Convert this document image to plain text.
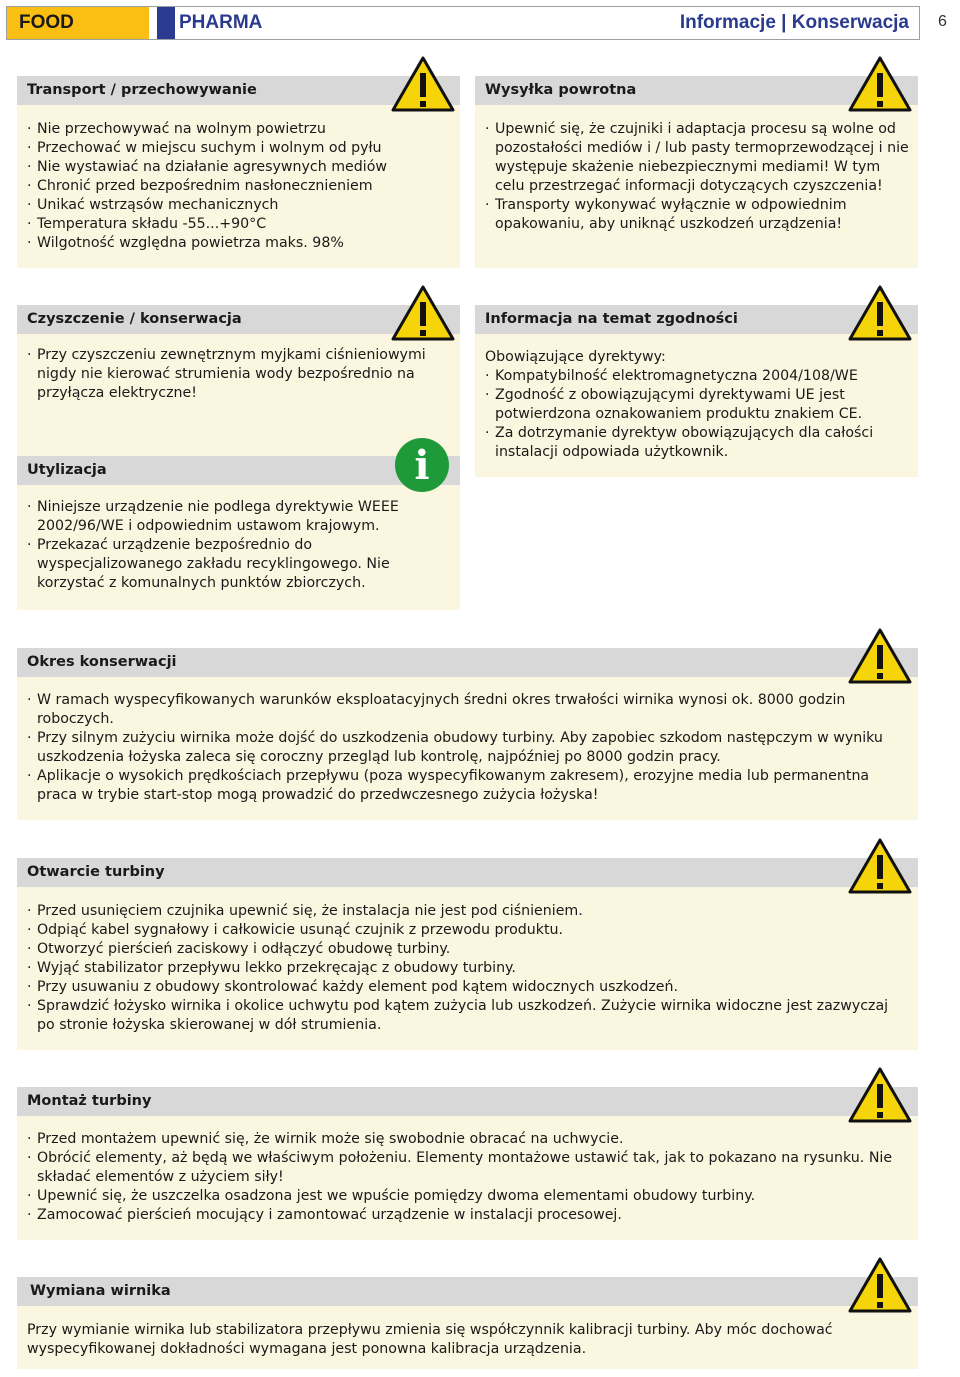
FOOD	PHARMA	Informacje | Konserwacja 6
Transport / przechowywanie
· Nie przechowywać na wolnym powietrzu
· Przechować w miejscu suchym i wolnym od pyłu
· Nie wystawiać na działanie agresywnych mediów
· Chronić przed bezpośrednim nasłonecznieniem
· Unikać wstrząsów mechanicznych
· Temperatura składu -55...+90°C
· Wilgotność względna powietrza maks. 98%
Wysyłka powrotna
· Upewnić się, że czujniki i adaptacja procesu są wolne od pozostałości mediów i / lub pasty termoprzewodzącej i nie występuje skażenie niebezpiecznymi mediami! W tym celu przestrzegać informacji dotyczących czyszczenia!
· Transporty wykonywać wyłącznie w odpowiednim opakowaniu, aby uniknąć uszkodzeń urządzenia!
Czyszczenie / konserwacja
· Przy czyszczeniu zewnętrznym myjkami ciśnieniowymi nigdy nie kierować strumienia wody bezpośrednio na przyłącza elektryczne!
Utylizacja
· Niniejsze urządzenie nie podlega dyrektywie WEEE 2002/96/WE i odpowiednim ustawom krajowym.
· Przekazać urządzenie bezpośrednio do wyspecjalizowanego zakładu recyklingowego. Nie korzystać z komunalnych punktów zbiorczych.
i
Informacja na temat zgodności
Obowiązujące dyrektywy:
· Kompatybilność elektromagnetyczna 2004/108/WE
· Zgodność z obowiązującymi dyrektywami UE jest potwierdzona oznakowaniem produktu znakiem CE.
· Za dotrzymanie dyrektyw obowiązujących dla całości instalacji odpowiada użytkownik.
Okres konserwacji
· W ramach wyspecyfikowanych warunków eksploatacyjnych średni okres trwałości wirnika wynosi ok. 8000 godzin roboczych.
· Przy silnym zużyciu wirnika może dojść do uszkodzenia obudowy turbiny. Aby zapobiec szkodom następczym w wyniku uszkodzenia łożyska zaleca się coroczny przegląd lub kontrolę, najpóźniej po 8000 godzin pracy.
· Aplikacje o wysokich prędkościach przepływu (poza wyspecyfikowanym zakresem), erozyjne media lub permanentna praca w trybie start-stop mogą prowadzić do przedwczesnego zużycia łożyska!
Otwarcie turbiny
· Przed usunięciem czujnika upewnić się, że instalacja nie jest pod ciśnieniem.
· Odpiąć kabel sygnałowy i całkowicie usunąć czujnik z przewodu produktu.
· Otworzyć pierścień zaciskowy i odłączyć obudowę turbiny.
· Wyjąć stabilizator przepływu lekko przekręcając z obudowy turbiny.
· Przy usuwaniu z obudowy skontrolować każdy element pod kątem widocznych uszkodzeń.
· Sprawdzić łożysko wirnika i okolice uchwytu pod kątem zużycia lub uszkodzeń. Zużycie wirnika widoczne jest zazwyczaj po stronie łożyska skierowanej w dół strumienia.
Montaż turbiny
· Przed montażem upewnić się, że wirnik może się swobodnie obracać na uchwycie.
· Obrócić elementy, aż będą we właściwym położeniu. Elementy montażowe ustawić tak, jak to pokazano na rysunku. Nie składać elementów z użyciem siły!
· Upewnić się, że uszczelka osadzona jest we wpuście pomiędzy dwoma elementami obudowy turbiny.
· Zamocować pierścień mocujący i zamontować urządzenie w instalacji procesowej.
Wymiana wirnika
Przy wymianie wirnika lub stabilizatora przepływu zmienia się współczynnik kalibracji turbiny. Aby móc dochować wyspecyfikowanej dokładności wymagana jest ponowna kalibracja urządzenia.
